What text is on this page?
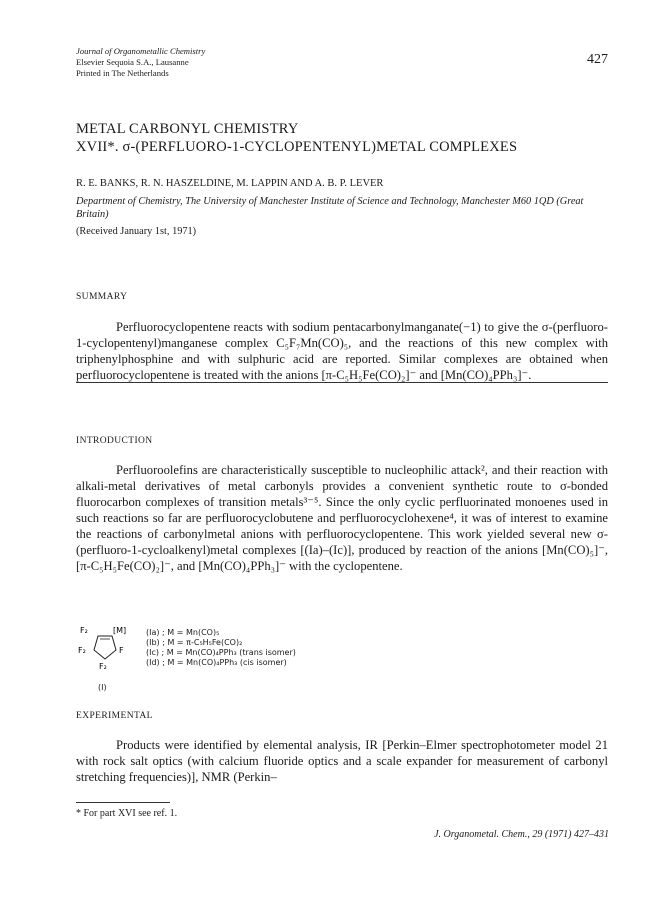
Journal of Organometallic Chemistry
Elsevier Sequoia S.A., Lausanne
Printed in The Netherlands
427
METAL CARBONYL CHEMISTRY
XVII*. σ-(PERFLUORO-1-CYCLOPENTENYL)METAL COMPLEXES
R. E. BANKS, R. N. HASZELDINE, M. LAPPIN AND A. B. P. LEVER
Department of Chemistry, The University of Manchester Institute of Science and Technology, Manchester M60 1QD (Great Britain)
(Received January 1st, 1971)
SUMMARY
Perfluorocyclopentene reacts with sodium pentacarbonylmanganate(−1) to give the σ-(perfluoro-1-cyclopentenyl)manganese complex C₅F₇Mn(CO)₅, and the reactions of this new complex with triphenylphosphine and with sulphuric acid are reported. Similar complexes are obtained when perfluorocyclopentene is treated with the anions [π-C₅H₅Fe(CO)₂]⁻ and [Mn(CO)₄PPh₃]⁻.
INTRODUCTION
Perfluoroolefins are characteristically susceptible to nucleophilic attack², and their reaction with alkali-metal derivatives of metal carbonyls provides a convenient synthetic route to σ-bonded fluorocarbon complexes of transition metals³⁻⁵. Since the only cyclic perfluorinated monoenes used in such reactions so far are perfluorocyclobutene and perfluorocyclohexene⁴, it was of interest to examine the reactions of carbonylmetal anions with perfluorocyclopentene. This work yielded several new σ-(perfluoro-1-cycloalkenyl)metal complexes [(Ia)–(Ic)], produced by reaction of the anions [Mn(CO)₅]⁻, [π-C₅H₅Fe(CO)₂]⁻, and [Mn(CO)₄PPh₃]⁻ with the cyclopentene.
F₂	[M]
F₂	F
F₂
(Ia) ; M = Mn(CO)₅
(Ib) ; M = π-C₅H₅Fe(CO)₂
(Ic) ; M = Mn(CO)₄PPh₃ (trans isomer)
(Id) ; M = Mn(CO)₄PPh₃ (cis isomer)
(I)
EXPERIMENTAL
Products were identified by elemental analysis, IR [Perkin–Elmer spectrophotometer model 21 with rock salt optics (with calcium fluoride optics and a scale expander for measurement of carbonyl stretching frequencies)], NMR (Perkin–
* For part XVI see ref. 1.
J. Organometal. Chem., 29 (1971) 427–431
